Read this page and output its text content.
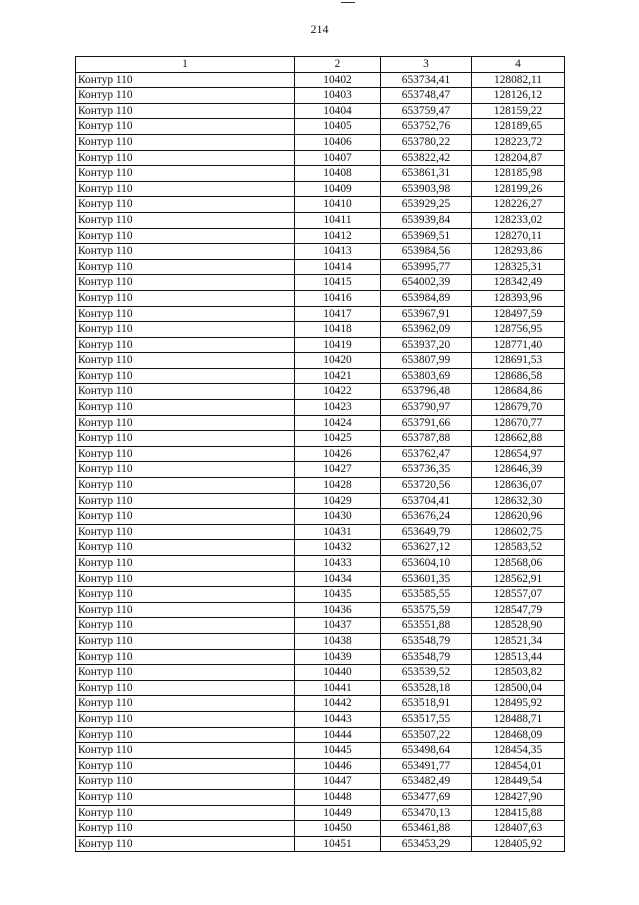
214
1	2	3	4
Контур 110	10402	653734,41	128082,11
Контур 110	10403	653748,47	128126,12
Контур 110	10404	653759,47	128159,22
Контур 110	10405	653752,76	128189,65
Контур 110	10406	653780,22	128223,72
Контур 110	10407	653822,42	128204,87
Контур 110	10408	653861,31	128185,98
Контур 110	10409	653903,98	128199,26
Контур 110	10410	653929,25	128226,27
Контур 110	10411	653939,84	128233,02
Контур 110	10412	653969,51	128270,11
Контур 110	10413	653984,56	128293,86
Контур 110	10414	653995,77	128325,31
Контур 110	10415	654002,39	128342,49
Контур 110	10416	653984,89	128393,96
Контур 110	10417	653967,91	128497,59
Контур 110	10418	653962,09	128756,95
Контур 110	10419	653937,20	128771,40
Контур 110	10420	653807,99	128691,53
Контур 110	10421	653803,69	128686,58
Контур 110	10422	653796,48	128684,86
Контур 110	10423	653790,97	128679,70
Контур 110	10424	653791,66	128670,77
Контур 110	10425	653787,88	128662,88
Контур 110	10426	653762,47	128654,97
Контур 110	10427	653736,35	128646,39
Контур 110	10428	653720,56	128636,07
Контур 110	10429	653704,41	128632,30
Контур 110	10430	653676,24	128620,96
Контур 110	10431	653649,79	128602,75
Контур 110	10432	653627,12	128583,52
Контур 110	10433	653604,10	128568,06
Контур 110	10434	653601,35	128562,91
Контур 110	10435	653585,55	128557,07
Контур 110	10436	653575,59	128547,79
Контур 110	10437	653551,88	128528,90
Контур 110	10438	653548,79	128521,34
Контур 110	10439	653548,79	128513,44
Контур 110	10440	653539,52	128503,82
Контур 110	10441	653528,18	128500,04
Контур 110	10442	653518,91	128495,92
Контур 110	10443	653517,55	128488,71
Контур 110	10444	653507,22	128468,09
Контур 110	10445	653498,64	128454,35
Контур 110	10446	653491,77	128454,01
Контур 110	10447	653482,49	128449,54
Контур 110	10448	653477,69	128427,90
Контур 110	10449	653470,13	128415,88
Контур 110	10450	653461,88	128407,63
Контур 110	10451	653453,29	128405,92
